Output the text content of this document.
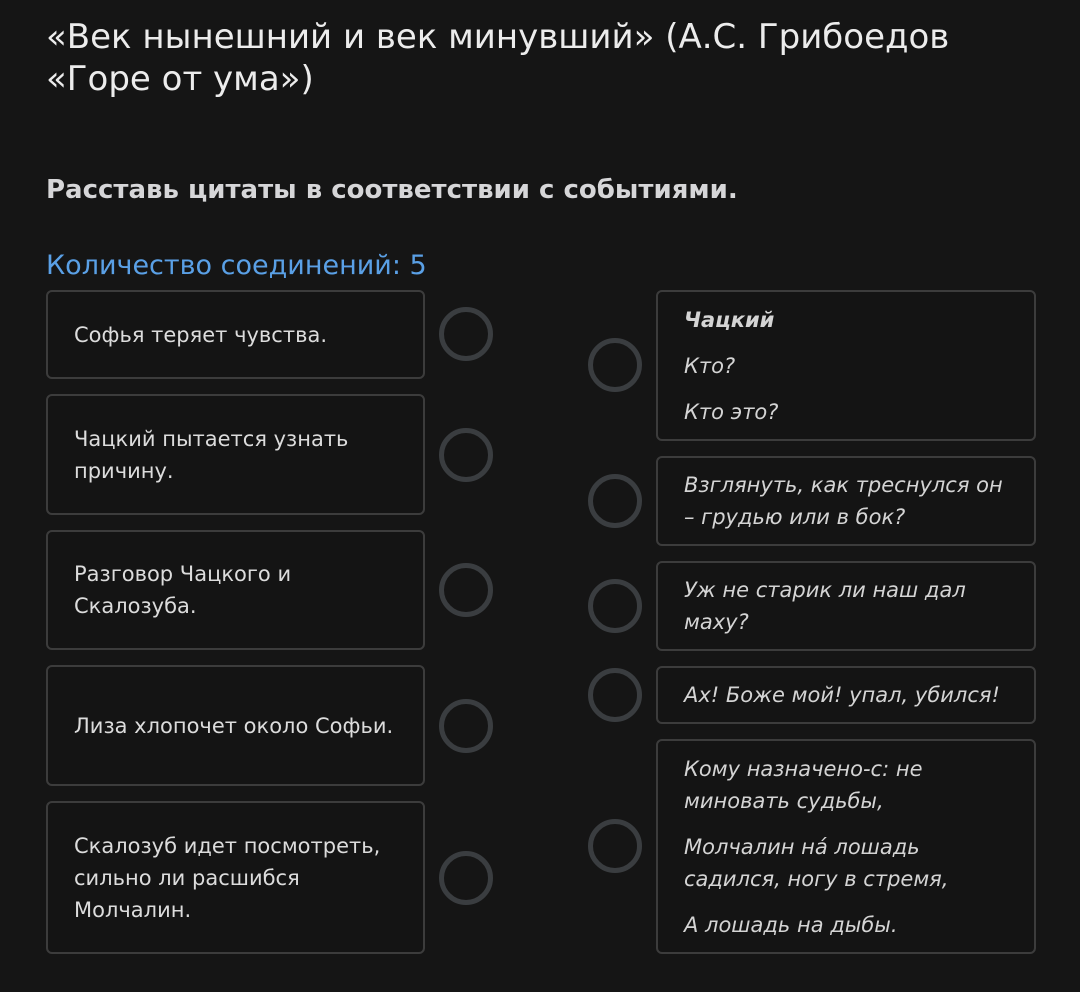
«Век нынешний и век минувший» (А.С. Грибоедов «Горе от ума»)
Расставь цитаты в соответствии с событиями.
Количество соединений: 5
Софья теряет чувства.
Чацкий пытается узнать причину.
Разговор Чацкого и Скалозуба.
Лиза хлопочет около Софьи.
Скалозуб идет посмотреть, сильно ли расшибся Молчалин.

Чацкий

Кто?

Кто это?

Взглянуть, как треснулся он – грудью или в бок?

Уж не старик ли наш дал маху?

Ах! Боже мой! упал, убился!

Кому назначено-с: не миновать судьбы,

Молчалин на́ лошадь садился, ногу в стремя,

А лошадь на дыбы.
